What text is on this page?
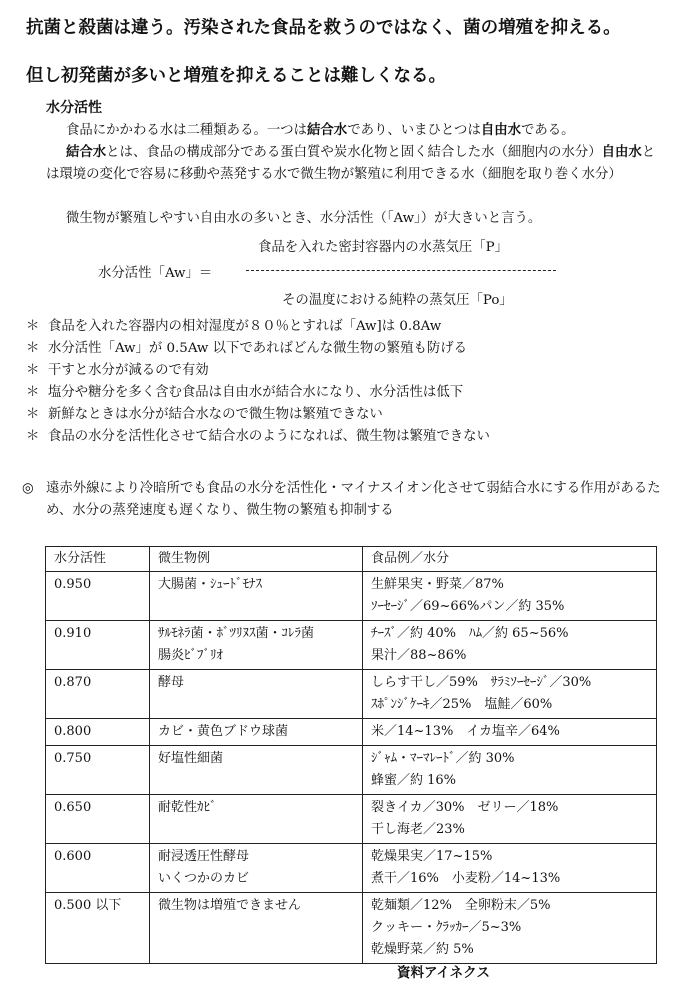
抗菌と殺菌は違う。汚染された食品を救うのではなく、菌の増殖を抑える。
但し初発菌が多いと増殖を抑えることは難しくなる。
水分活性

食品にかかわる水は二種類ある。一つは結合水であり、いまひとつは自由水である。

結合水とは、食品の構成部分である蛋白質や炭水化物と固く結合した水（細胞内の水分）自由水とは環境の変化で容易に移動や蒸発する水で微生物が繁殖に利用できる水（細胞を取り巻く水分）

微生物が繁殖しやすい自由水の多いとき、水分活性（「Aw」）が大きいと言う。

食品を入れた密封容器内の水蒸気圧「P」
水分活性「Aw」＝
その温度における純粋の蒸気圧「Po」
＊ 食品を入れた容器内の相対湿度が８０％とすれば「Aw]は 0.8Aw
＊ 水分活性「Aw」が 0.5Aw 以下であればどんな微生物の繁殖も防げる
＊ 干すと水分が減るので有効
＊ 塩分や糖分を多く含む食品は自由水が結合水になり、水分活性は低下
＊ 新鮮なときは水分が結合水なので微生物は繁殖できない
＊ 食品の水分を活性化させて結合水のようになれば、微生物は繁殖できない
◎ 遠赤外線により冷暗所でも食品の水分を活性化・マイナスイオン化させて弱結合水にする作用があるため、水分の蒸発速度も遅くなり、微生物の繁殖も抑制する
水分活性	微生物例	食品例／水分
0.950	大腸菌・ｼｭｰﾄﾞﾓﾅｽ	生鮮果実・野菜／87%
ｿｰｾｰｼﾞ／69~66%パン／約 35%

0.910	ｻﾙﾓﾈﾗ菌・ﾎﾞﾂﾘﾇｽ菌・ｺﾚﾗ菌
腸炎ﾋﾞﾌﾞﾘｵ	ﾁｰｽﾞ／約 40%　ﾊﾑ／約 65~56%
果汁／88~86%

0.870	酵母	しらす干し／59%　ｻﾗﾐｿｰｾｰｼﾞ／30%
ｽﾎﾟﾝｼﾞｹｰｷ／25%　塩鮭／60%

0.800	カビ・黄色ブドウ球菌	米／14~13%　イカ塩辛／64%

0.750	好塩性細菌	ｼﾞｬﾑ・ﾏｰﾏﾚｰﾄﾞ／約 30%
蜂蜜／約 16%

0.650	耐乾性ｶﾋﾞ	裂きイカ／30%　ゼリー／18%
干し海老／23%

0.600	耐浸透圧性酵母
いくつかのカビ	乾燥果実／17~15%
煮干／16%　小麦粉／14~13%

0.500 以下	微生物は増殖できません	乾麺類／12%　全卵粉末／5%
クッキー・ｸﾗｯｶｰ／5~3%
乾燥野菜／約 5%
資料アイネクス
